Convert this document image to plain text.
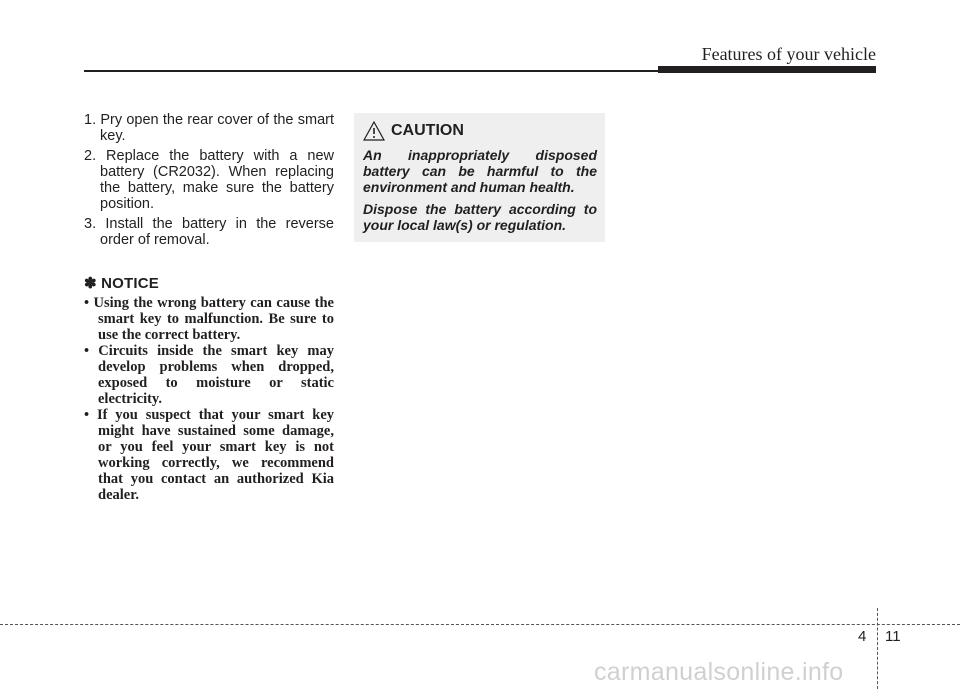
Features of your vehicle
1. Pry open the rear cover of the smart key.
2. Replace the battery with a new battery (CR2032). When replacing the battery, make sure the battery position.
3. Install the battery in the reverse order of removal.
✽ NOTICE
• Using the wrong battery can cause the smart key to malfunction. Be sure to use the correct battery.
• Circuits inside the smart key may develop problems when dropped, exposed to moisture or static electricity.
• If you suspect that your smart key might have sustained some damage, or you feel your smart key is not working correctly, we recommend that you contact an authorized Kia dealer.
CAUTION

An inappropriately disposed battery can be harmful to the environment and human health.

Dispose the battery according to your local law(s) or regulation.

4 11
carmanualsonline.info
